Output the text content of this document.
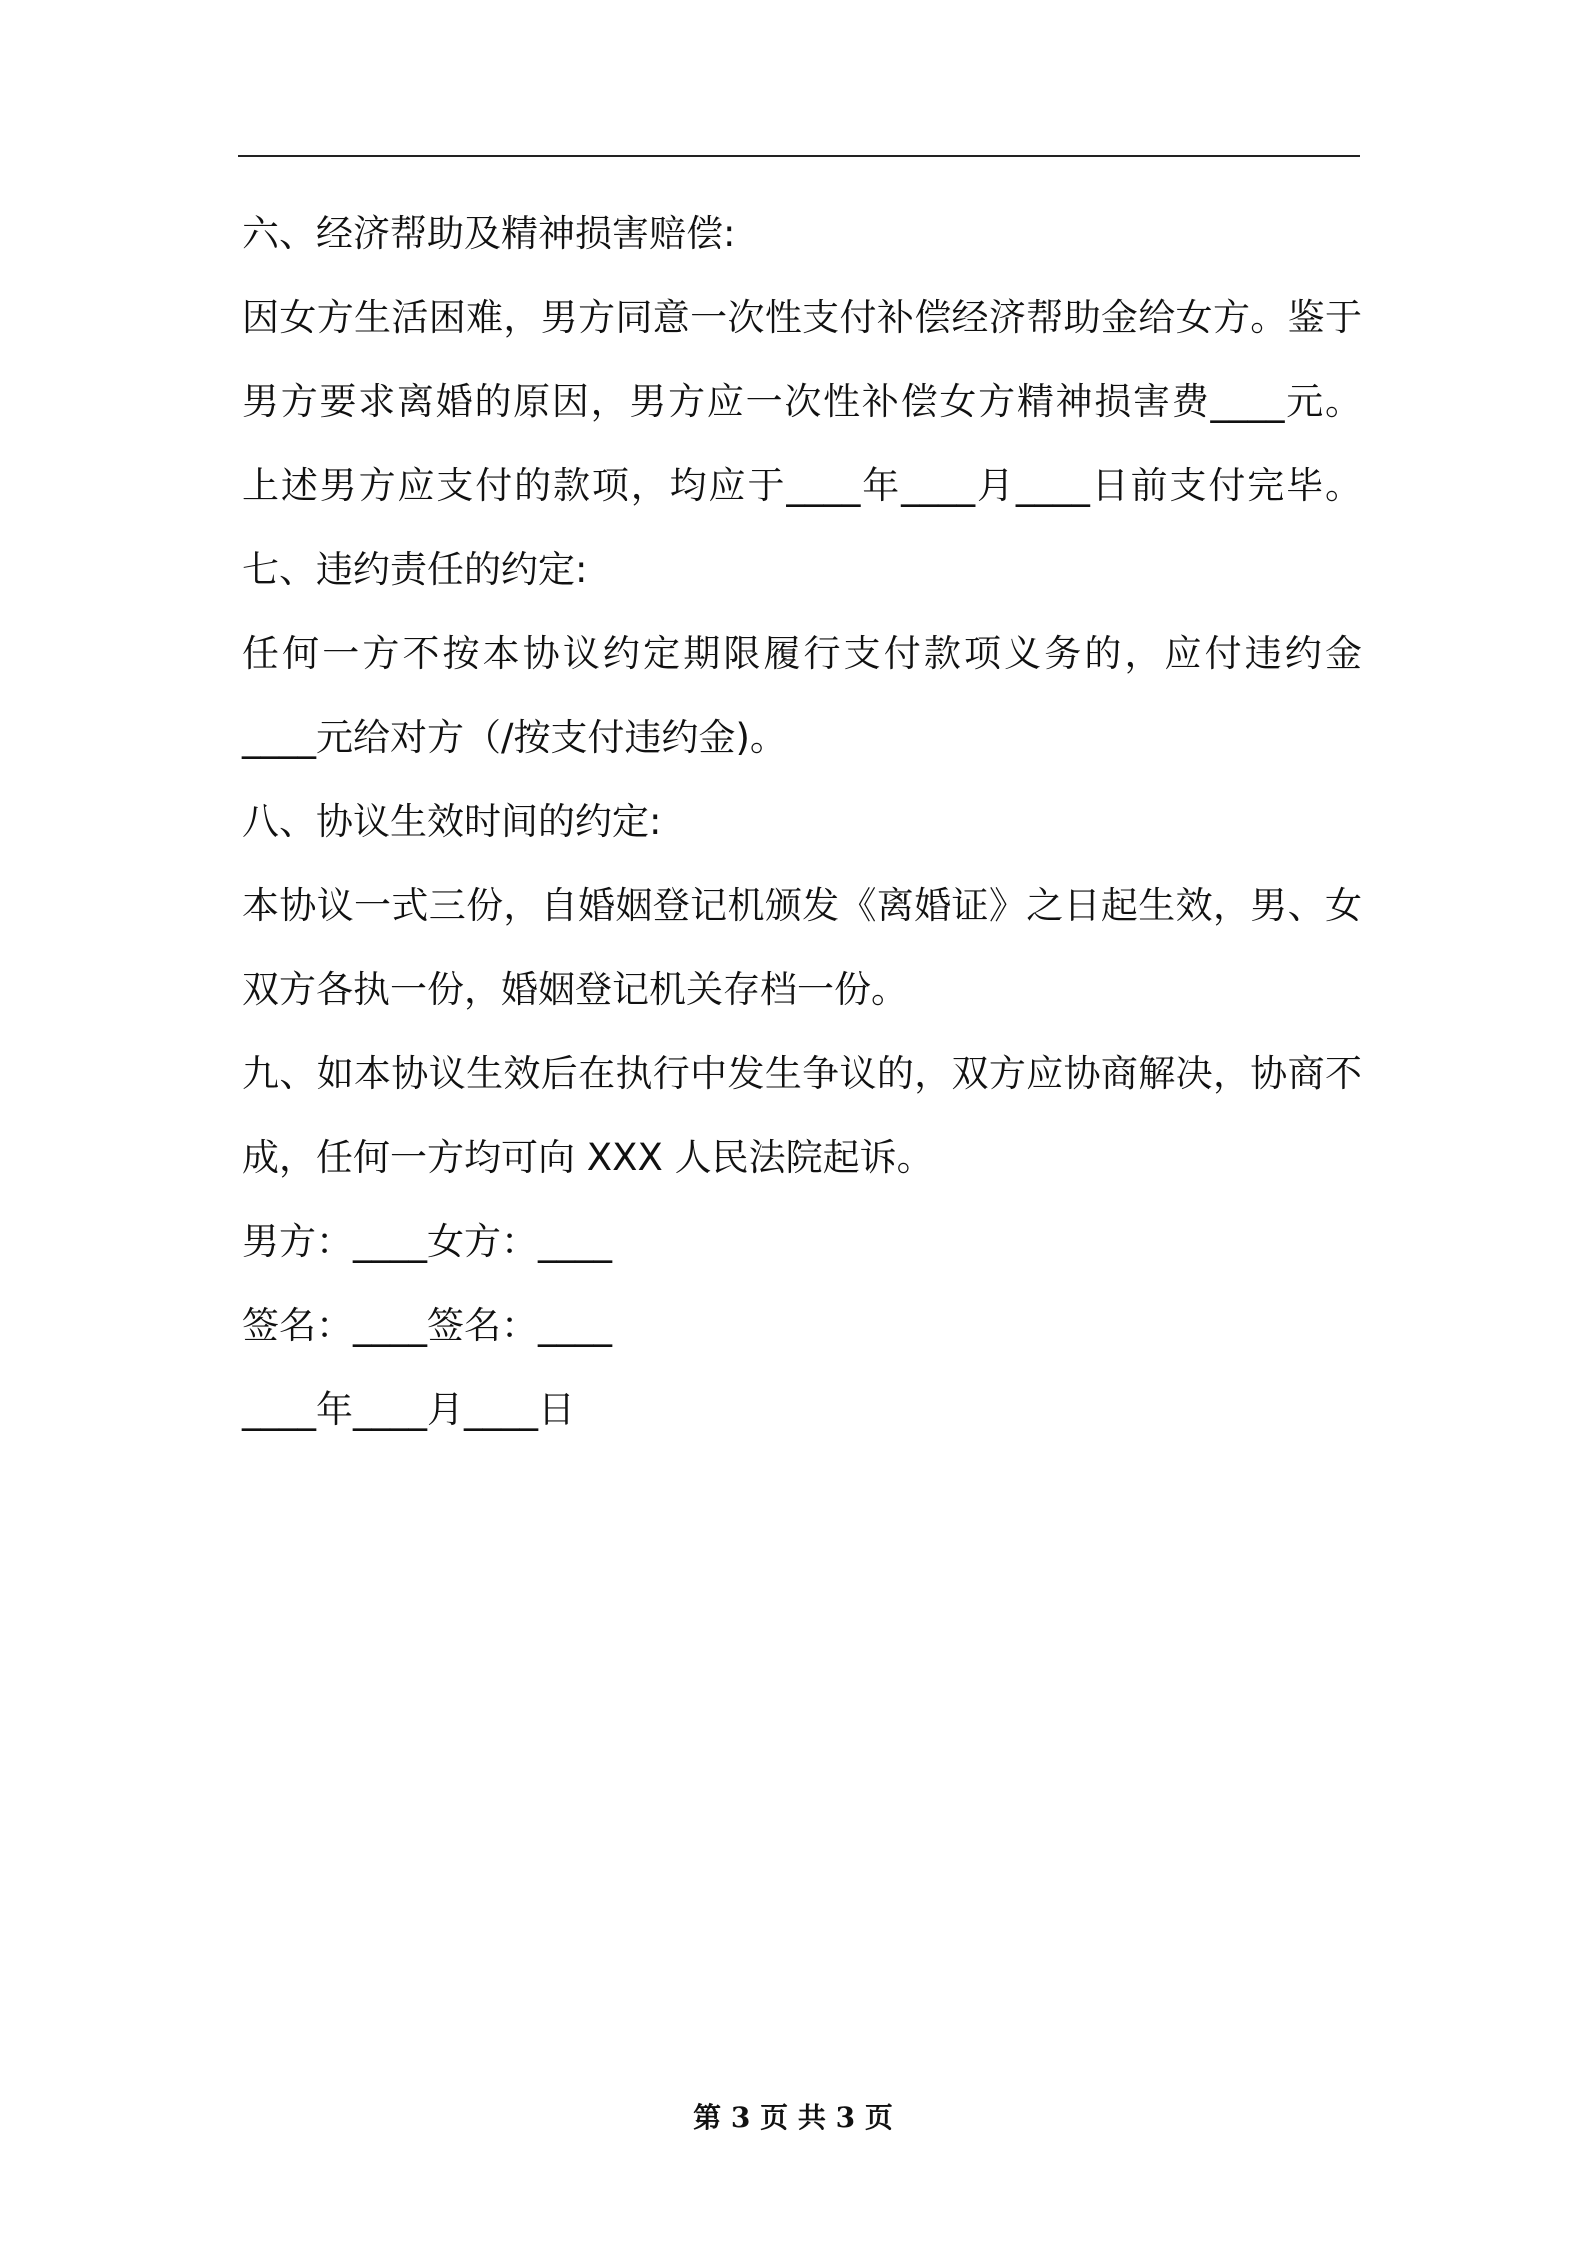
六、经济帮助及精神损害赔偿:
因女方生活困难，男方同意一次性支付补偿经济帮助金给女方。鉴于
男方要求离婚的原因，男方应一次性补偿女方精神损害费____元。
上述男方应支付的款项，均应于____年____月____日前支付完毕。
七、违约责任的约定:
任何一方不按本协议约定期限履行支付款项义务的，应付违约金
____元给对方（/按支付违约金)。
八、协议生效时间的约定:
本协议一式三份，自婚姻登记机颁发《离婚证》之日起生效，男、女
双方各执一份，婚姻登记机关存档一份。
九、如本协议生效后在执行中发生争议的，双方应协商解决，协商不
成，任何一方均可向 XXX 人民法院起诉。
男方：____女方：____
签名：____签名：____
____年____月____日
第 3 页 共 3 页
